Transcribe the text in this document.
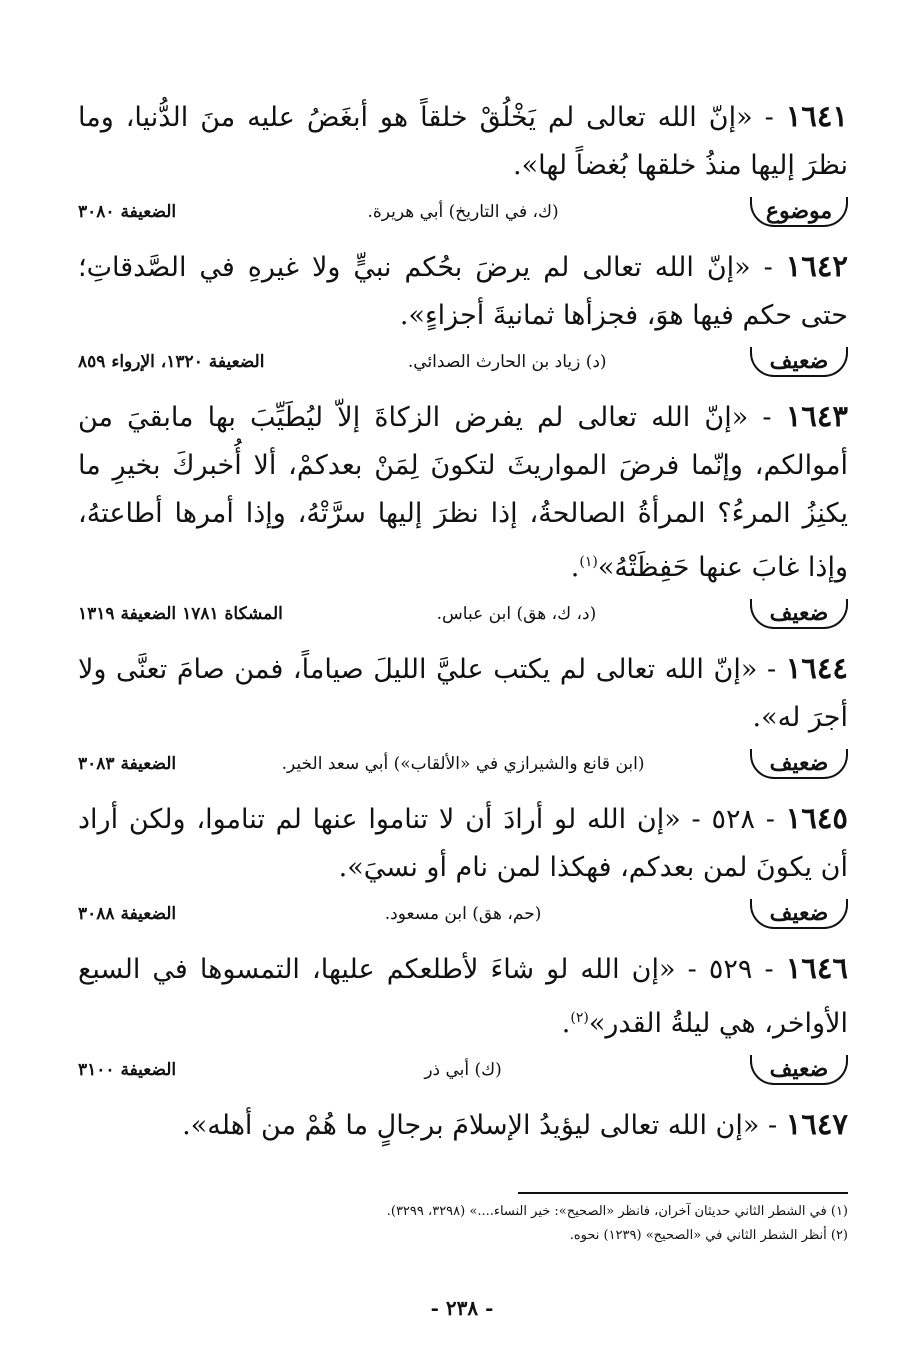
١٦٤١ - «إنّ الله تعالى لم يَخْلُقْ خلقاً هو أبغَضُ عليه منَ الدُّنيا، وما نظرَ إليها منذُ خلقها بُغضاً لها».

موضوع
(ك، في التاريخ) أبي هريرة.
الضعيفة ٣٠٨٠

١٦٤٢ - «إنّ الله تعالى لم يرضَ بحُكم نبيٍّ ولا غيرهِ في الصَّدقاتِ؛ حتى حكم فيها هوَ، فجزأها ثمانيةَ أجزاءٍ».

ضعيف
(د) زياد بن الحارث الصدائي.
الضعيفة ١٣٢٠، الإرواء ٨٥٩

١٦٤٣ - «إنّ الله تعالى لم يفرض الزكاةَ إلاّ ليُطَيِّبَ بها مابقيَ من أموالكم، وإنّما فرضَ المواريثَ لتكونَ لِمَنْ بعدكمْ، ألا أُخبركَ بخيرِ ما يكنِزُ المرءُ؟ المرأةُ الصالحةُ، إذا نظرَ إليها سرَّتْهُ، وإذا أمرها أطاعتهُ، وإذا غابَ عنها حَفِظَتْهُ»$^{(١)}$.

ضعيف
(د، ك، هق) ابن عباس.
المشكاة ١٧٨١ الضعيفة ١٣١٩

١٦٤٤ - «إنّ الله تعالى لم يكتب عليَّ الليلَ صياماً، فمن صامَ تعنَّى ولا أجرَ له».

ضعيف
(ابن قانع والشيرازي في «الألقاب») أبي سعد الخير.
الضعيفة ٣٠٨٣

١٦٤٥ - ٥٢٨ - «إن الله لو أرادَ أن لا تناموا عنها لم تناموا، ولكن أراد أن يكونَ لمن بعدكم، فهكذا لمن نام أو نسيَ».

ضعيف
(حم، هق) ابن مسعود.
الضعيفة ٣٠٨٨

١٦٤٦ - ٥٢٩ - «إن الله لو شاءَ لأطلعكم عليها، التمسوها في السبع الأواخر، هي ليلةُ القدر»$^{(٢)}$.

ضعيف
(ك) أبي ذر
الضعيفة ٣١٠٠

١٦٤٧ - «إن الله تعالى ليؤيدُ الإسلامَ برجالٍ ما هُمْ من أهله».

(١) في الشطر الثاني حديثان آخران، فانظر «الصحيح»: خير النساء....» (٣٢٩٨، ٣٢٩٩).
(٢) أنظر الشطر الثاني في «الصحيح» (١٢٣٩) نحوه.
- ٢٣٨ -
